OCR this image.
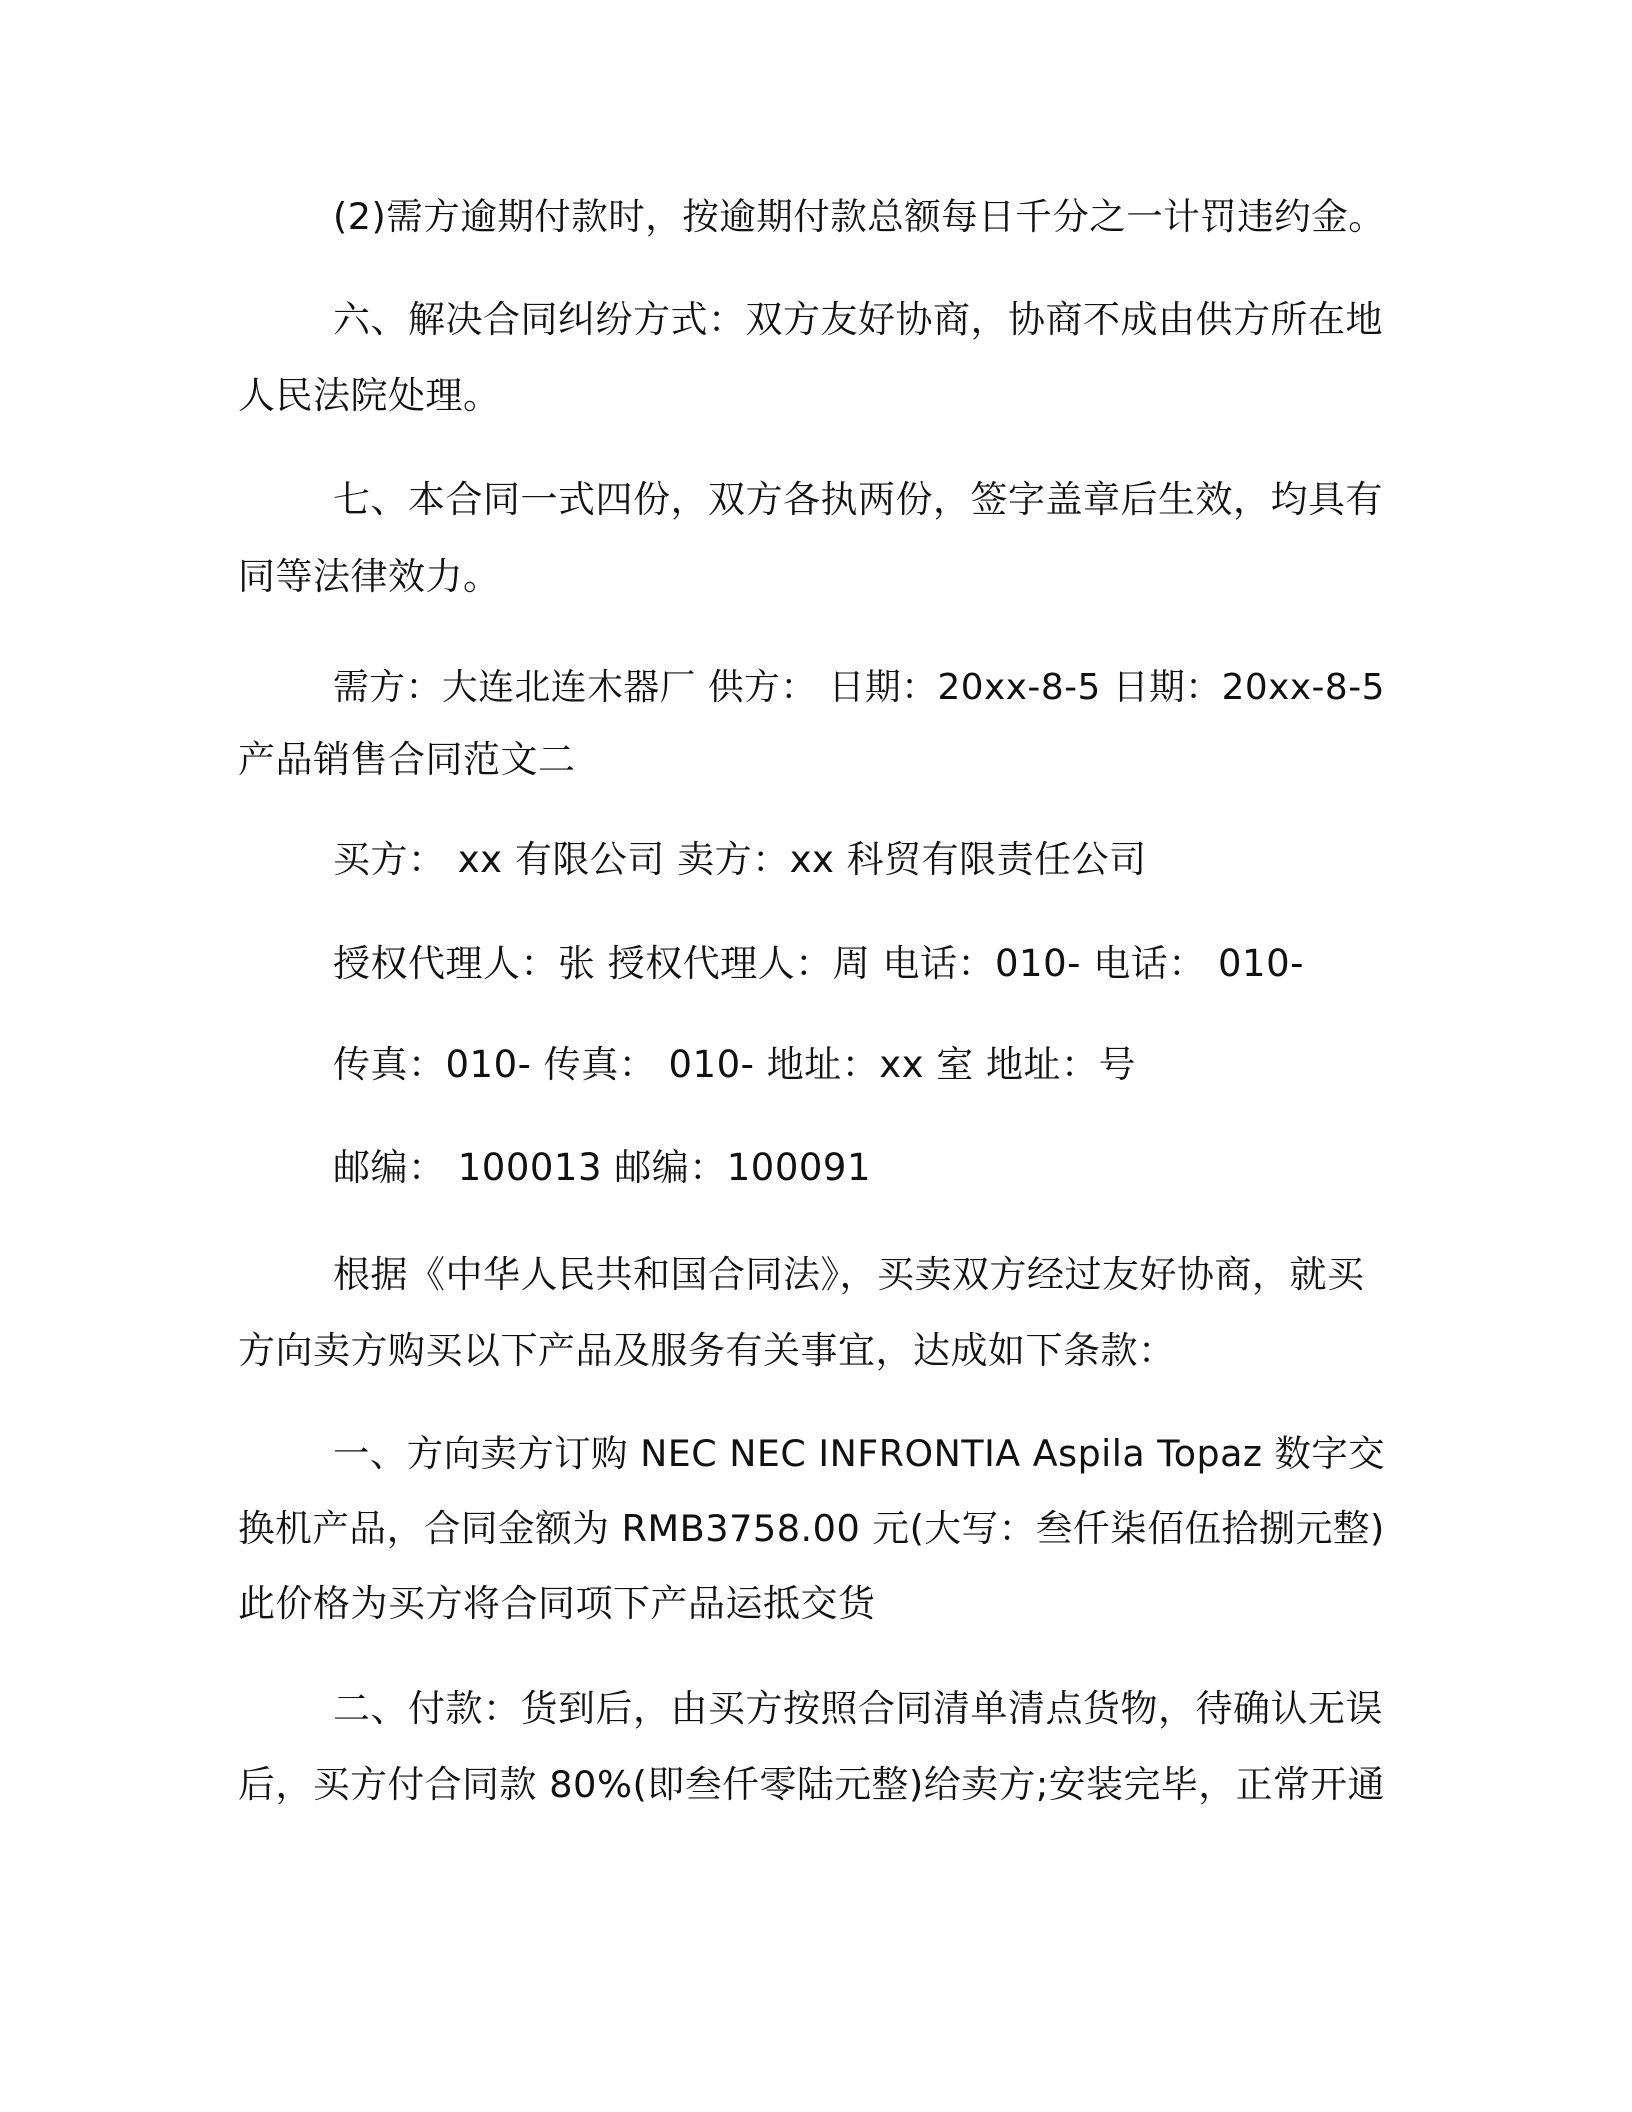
(2)需方逾期付款时，按逾期付款总额每日千分之一计罚违约金。
六、解决合同纠纷方式：双方友好协商，协商不成由供方所在地
人民法院处理。
七、本合同一式四份，双方各执两份，签字盖章后生效，均具有
同等法律效力。
需方：大连北连木器厂 供方： 日期：20xx-8-5 日期：20xx-8-5
产品销售合同范文二
买方： xx 有限公司 卖方：xx 科贸有限责任公司
授权代理人：张 授权代理人：周 电话：010- 电话： 010-
传真：010- 传真： 010- 地址：xx 室 地址：号
邮编： 100013 邮编：100091
根据《中华人民共和国合同法》，买卖双方经过友好协商，就买
方向卖方购买以下产品及服务有关事宜，达成如下条款：
一、方向卖方订购 NEC NEC INFRONTIA Aspila Topaz 数字交
换机产品，合同金额为 RMB3758.00 元(大写：叁仟柒佰伍拾捌元整)
此价格为买方将合同项下产品运抵交货
二、付款：货到后，由买方按照合同清单清点货物，待确认无误
后，买方付合同款 80%(即叁仟零陆元整)给卖方;安装完毕，正常开通
